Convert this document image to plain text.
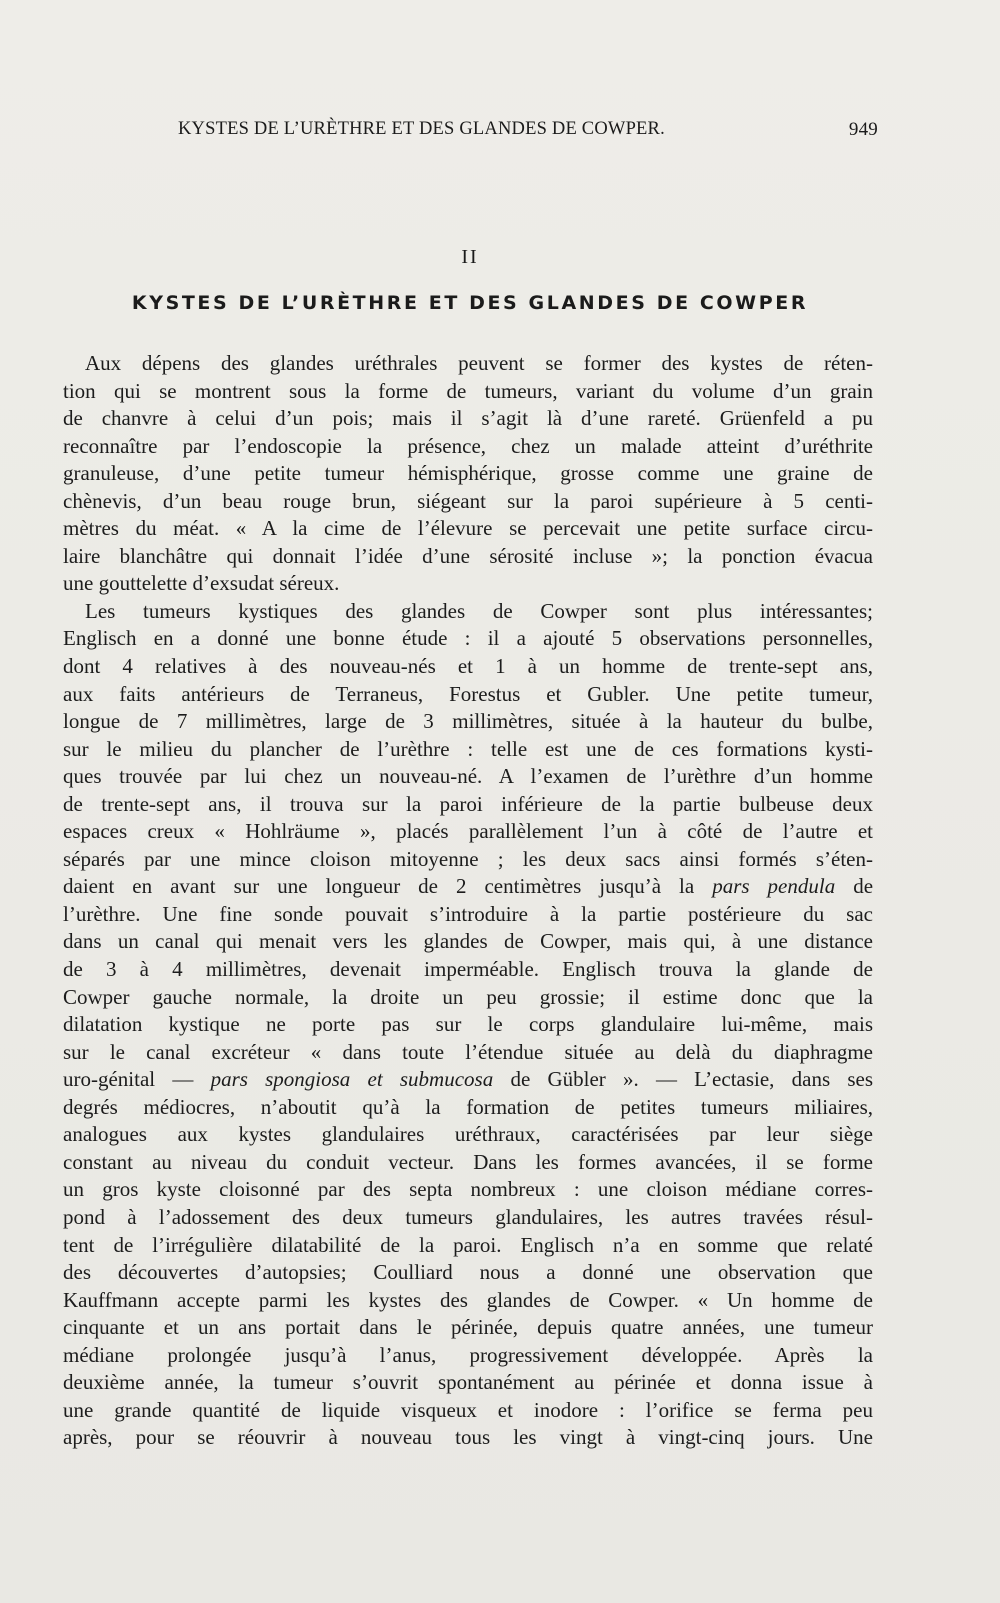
KYSTES DE L’URÈTHRE ET DES GLANDES DE COWPER.	949
II
KYSTES DE L’URÈTHRE ET DES GLANDES DE COWPER
Aux dépens des glandes uréthrales peuvent se former des kystes de réten-
tion qui se montrent sous la forme de tumeurs, variant du volume d’un grain
de chanvre à celui d’un pois; mais il s’agit là d’une rareté. Grüenfeld a pu
reconnaître par l’endoscopie la présence, chez un malade atteint d’uréthrite
granuleuse, d’une petite tumeur hémisphérique, grosse comme une graine de
chènevis, d’un beau rouge brun, siégeant sur la paroi supérieure à 5 centi-
mètres du méat. « A la cime de l’élevure se percevait une petite surface circu-
laire blanchâtre qui donnait l’idée d’une sérosité incluse »; la ponction évacua
une gouttelette d’exsudat séreux.
Les tumeurs kystiques des glandes de Cowper sont plus intéressantes;
Englisch en a donné une bonne étude : il a ajouté 5 observations personnelles,
dont 4 relatives à des nouveau-nés et 1 à un homme de trente-sept ans,
aux faits antérieurs de Terraneus, Forestus et Gubler. Une petite tumeur,
longue de 7 millimètres, large de 3 millimètres, située à la hauteur du bulbe,
sur le milieu du plancher de l’urèthre : telle est une de ces formations kysti-
ques trouvée par lui chez un nouveau-né. A l’examen de l’urèthre d’un homme
de trente-sept ans, il trouva sur la paroi inférieure de la partie bulbeuse deux
espaces creux « Hohlräume », placés parallèlement l’un à côté de l’autre et
séparés par une mince cloison mitoyenne ; les deux sacs ainsi formés s’éten-
daient en avant sur une longueur de 2 centimètres jusqu’à la pars pendula de
l’urèthre. Une fine sonde pouvait s’introduire à la partie postérieure du sac
dans un canal qui menait vers les glandes de Cowper, mais qui, à une distance
de 3 à 4 millimètres, devenait imperméable. Englisch trouva la glande de
Cowper gauche normale, la droite un peu grossie; il estime donc que la
dilatation kystique ne porte pas sur le corps glandulaire lui-même, mais
sur le canal excréteur « dans toute l’étendue située au delà du diaphragme
uro-génital — pars spongiosa et submucosa de Gübler ». — L’ectasie, dans ses
degrés médiocres, n’aboutit qu’à la formation de petites tumeurs miliaires,
analogues aux kystes glandulaires uréthraux, caractérisées par leur siège
constant au niveau du conduit vecteur. Dans les formes avancées, il se forme
un gros kyste cloisonné par des septa nombreux : une cloison médiane corres-
pond à l’adossement des deux tumeurs glandulaires, les autres travées résul-
tent de l’irrégulière dilatabilité de la paroi. Englisch n’a en somme que relaté
des découvertes d’autopsies; Coulliard nous a donné une observation que
Kauffmann accepte parmi les kystes des glandes de Cowper. « Un homme de
cinquante et un ans portait dans le périnée, depuis quatre années, une tumeur
médiane prolongée jusqu’à l’anus, progressivement développée. Après la
deuxième année, la tumeur s’ouvrit spontanément au périnée et donna issue à
une grande quantité de liquide visqueux et inodore : l’orifice se ferma peu
après, pour se réouvrir à nouveau tous les vingt à vingt-cinq jours. Une
